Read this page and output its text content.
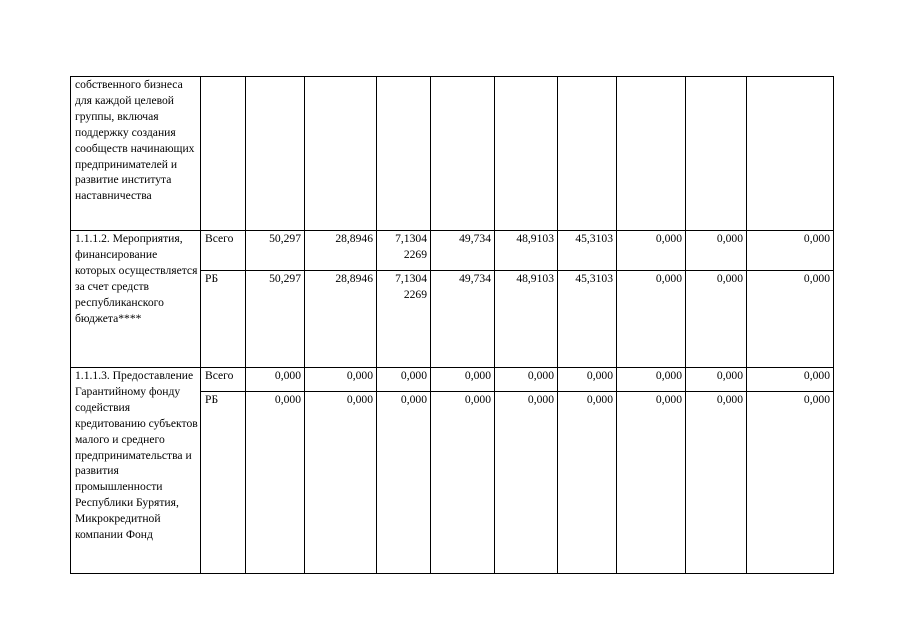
собственного бизнеса для каждой целевой группы, включая поддержку создания сообществ начинающих предпринимателей и развитие института наставничества										

1.1.1.2. Мероприятия, финансирование которых осуществляется за счет средств республиканского бюджета****	Всего	50,297	28,8946	7,1304
2269	49,734	48,9103	45,3103	0,000	0,000	0,000
	РБ	50,297	28,8946	7,1304
2269	49,734	48,9103	45,3103	0,000	0,000	0,000

1.1.1.3. Предоставление Гарантийному фонду содействия кредитованию субъектов малого и среднего предпринимательства и развития промышленности Республики Бурятия, Микрокредитной компании Фонд	Всего	0,000	0,000	0,000	0,000	0,000	0,000	0,000	0,000	0,000
	РБ	0,000	0,000	0,000	0,000	0,000	0,000	0,000	0,000	0,000
